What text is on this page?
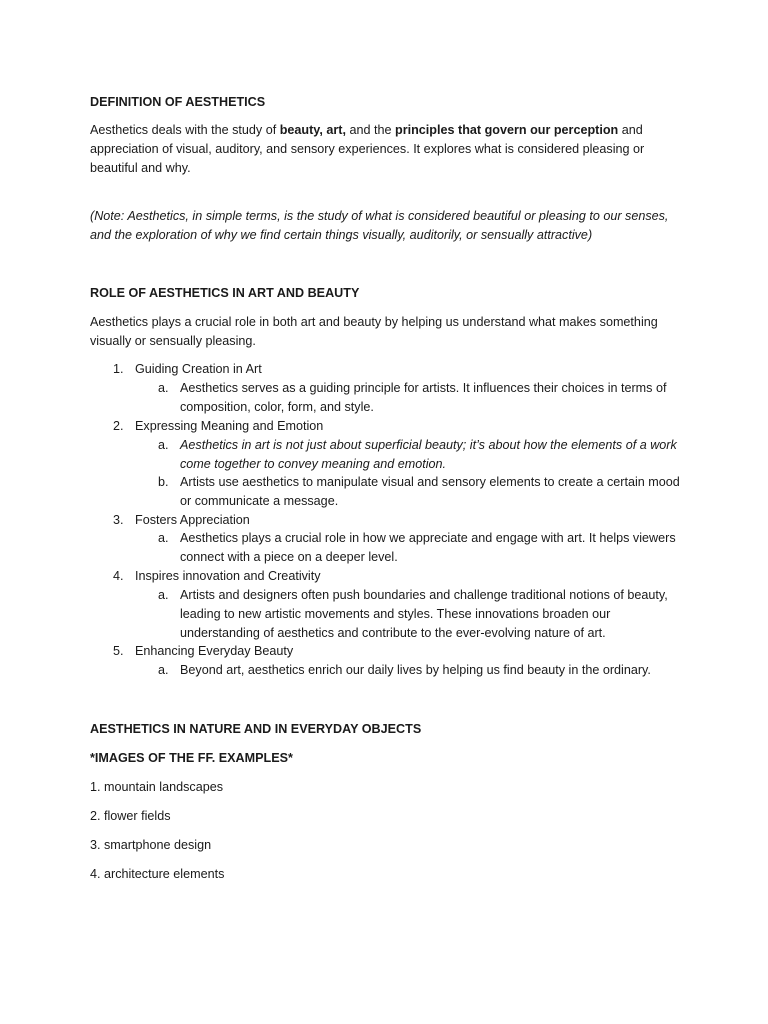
DEFINITION OF AESTHETICS
Aesthetics deals with the study of beauty, art, and the principles that govern our perception and appreciation of visual, auditory, and sensory experiences. It explores what is considered pleasing or beautiful and why.
(Note: Aesthetics, in simple terms, is the study of what is considered beautiful or pleasing to our senses, and the exploration of why we find certain things visually, auditorily, or sensually attractive)
ROLE OF AESTHETICS IN ART AND BEAUTY
Aesthetics plays a crucial role in both art and beauty by helping us understand what makes something visually or sensually pleasing.
1. Guiding Creation in Art
a. Aesthetics serves as a guiding principle for artists. It influences their choices in terms of composition, color, form, and style.
2. Expressing Meaning and Emotion
a. Aesthetics in art is not just about superficial beauty; it’s about how the elements of a work come together to convey meaning and emotion.
b. Artists use aesthetics to manipulate visual and sensory elements to create a certain mood or communicate a message.
3. Fosters Appreciation
a. Aesthetics plays a crucial role in how we appreciate and engage with art. It helps viewers connect with a piece on a deeper level.
4. Inspires innovation and Creativity
a. Artists and designers often push boundaries and challenge traditional notions of beauty, leading to new artistic movements and styles. These innovations broaden our understanding of aesthetics and contribute to the ever-evolving nature of art.
5. Enhancing Everyday Beauty
a. Beyond art, aesthetics enrich our daily lives by helping us find beauty in the ordinary.
AESTHETICS IN NATURE AND IN EVERYDAY OBJECTS
*IMAGES OF THE FF. EXAMPLES*
1. mountain landscapes
2. flower fields
3. smartphone design
4. architecture elements
